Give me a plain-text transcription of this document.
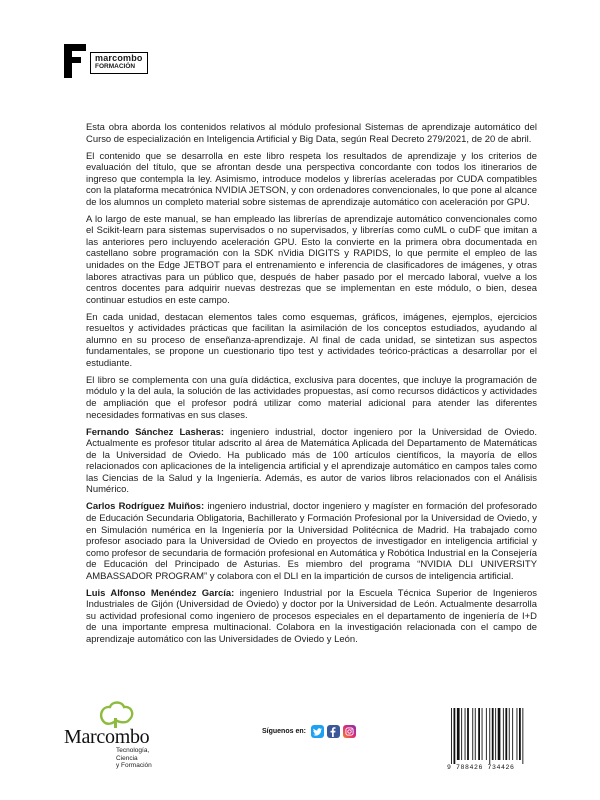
marcombo
FORMACIÓN

Esta obra aborda los contenidos relativos al módulo profesional Sistemas de aprendizaje automático del Curso de especialización en Inteligencia Artificial y Big Data, según Real Decreto 279/2021, de 20 de abril.

El contenido que se desarrolla en este libro respeta los resultados de aprendizaje y los criterios de evaluación del título, que se afrontan desde una perspectiva concordante con todos los itinerarios de ingreso que contempla la ley. Asimismo, introduce modelos y librerías aceleradas por CUDA compatibles con la plataforma mecatrónica NVIDIA JETSON, y con ordenadores convencionales, lo que pone al alcance de los alumnos un completo material sobre sistemas de aprendizaje automático con aceleración por GPU.

A lo largo de este manual, se han empleado las librerías de aprendizaje automático convencionales como el Scikit-learn para sistemas supervisados o no supervisados, y librerías como cuML o cuDF que imitan a las anteriores pero incluyendo aceleración GPU. Esto la convierte en la primera obra documentada en castellano sobre programación con la SDK nVidia DIGITS y RAPIDS, lo que permite el empleo de las unidades on the Edge JETBOT para el entrenamiento e inferencia de clasificadores de imágenes, y otras labores atractivas para un público que, después de haber pasado por el mercado laboral, vuelve a los centros docentes para adquirir nuevas destrezas que se implementan en este módulo, o bien, desea continuar estudios en este campo.

En cada unidad, destacan elementos tales como esquemas, gráficos, imágenes, ejemplos, ejercicios resueltos y actividades prácticas que facilitan la asimilación de los conceptos estudiados, ayudando al alumno en su proceso de enseñanza-aprendizaje. Al final de cada unidad, se sintetizan sus aspectos fundamentales, se propone un cuestionario tipo test y actividades teórico-prácticas a desarrollar por el estudiante.

El libro se complementa con una guía didáctica, exclusiva para docentes, que incluye la programación de módulo y la del aula, la solución de las actividades propuestas, así como recursos didácticos y actividades de ampliación que el profesor podrá utilizar como material adicional para atender las diferentes necesidades formativas en sus clases.

Fernando Sánchez Lasheras: ingeniero industrial, doctor ingeniero por la Universidad de Oviedo. Actualmente es profesor titular adscrito al área de Matemática Aplicada del Departamento de Matemáticas de la Universidad de Oviedo. Ha publicado más de 100 artículos científicos, la mayoría de ellos relacionados con aplicaciones de la inteligencia artificial y el aprendizaje automático en campos tales como las Ciencias de la Salud y la Ingeniería. Además, es autor de varios libros relacionados con el Análisis Numérico.

Carlos Rodríguez Muiños: ingeniero industrial, doctor ingeniero y magíster en formación del profesorado de Educación Secundaria Obligatoria, Bachillerato y Formación Profesional por la Universidad de Oviedo, y en Simulación numérica en la Ingeniería por la Universidad Politécnica de Madrid. Ha trabajado como profesor asociado para la Universidad de Oviedo en proyectos de investigador en inteligencia artificial y como profesor de secundaria de formación profesional en Automática y Robótica Industrial en la Consejería de Educación del Principado de Asturias. Es miembro del programa “NVIDIA DLI UNIVERSITY AMBASSADOR PROGRAM” y colabora con el DLI en la impartición de cursos de inteligencia artificial.

Luis Alfonso Menéndez García: ingeniero Industrial por la Escuela Técnica Superior de Ingenieros Industriales de Gijón (Universidad de Oviedo) y doctor por la Universidad de León. Actualmente desarrolla su actividad profesional como ingeniero de procesos especiales en el departamento de ingeniería de I+D de una importante empresa multinacional. Colabora en la investigación relacionada con el campo de aprendizaje automático con las Universidades de Oviedo y León.

Marcombo
Tecnología,
Ciencia
y Formación
Síguenos en:
9 788426 734426
